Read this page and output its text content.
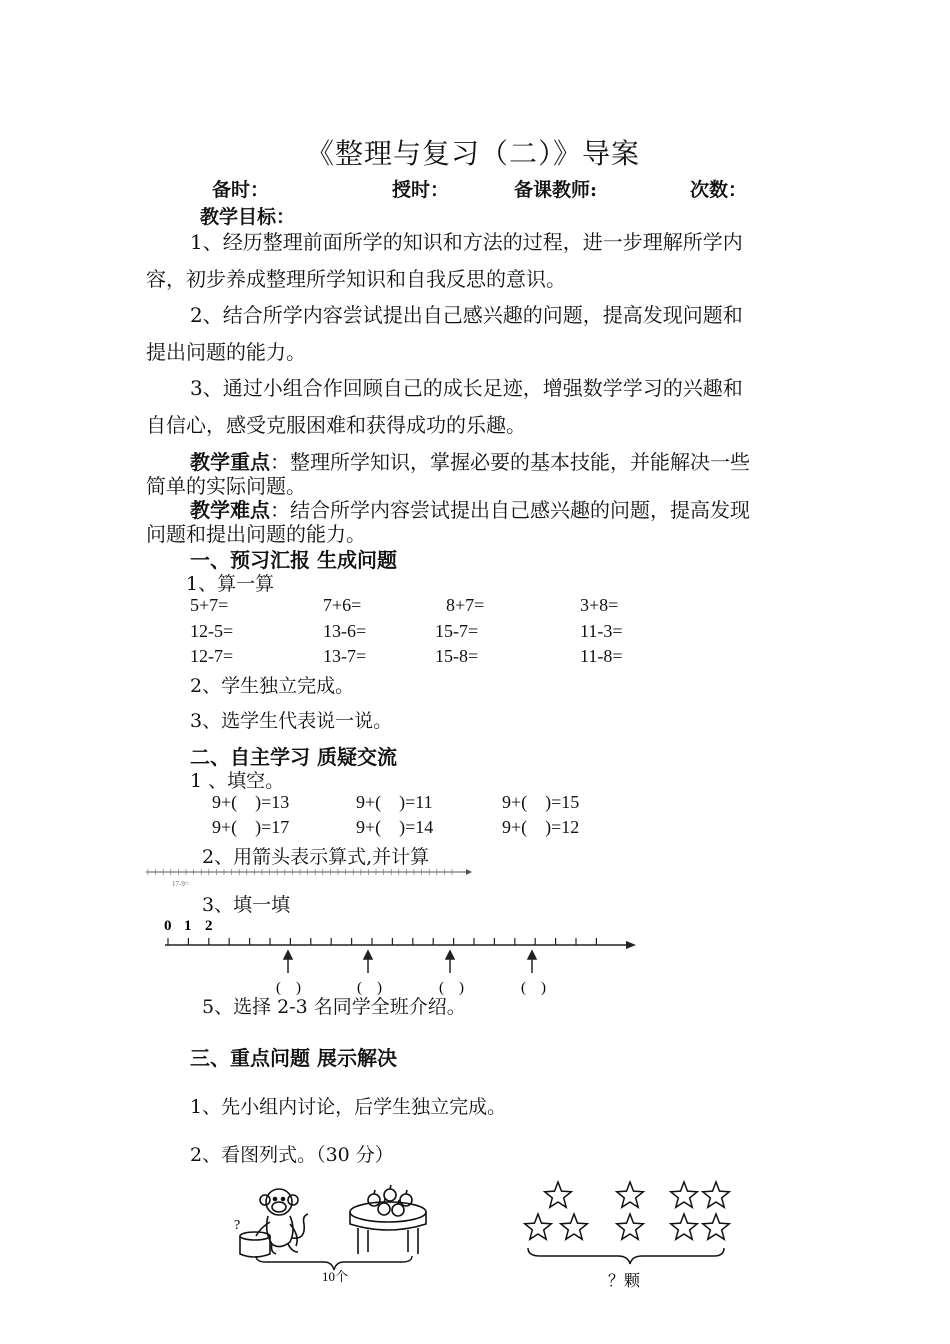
《整理与复习（二）》导案
备时：	授时：	备课教师:	次数：
教学目标：
1、经历整理前面所学的知识和方法的过程，进一步理解所学内
容，初步养成整理所学知识和自我反思的意识。
2、结合所学内容尝试提出自己感兴趣的问题，提高发现问题和
提出问题的能力。
3、通过小组合作回顾自己的成长足迹，增强数学学习的兴趣和
自信心，感受克服困难和获得成功的乐趣。
教学重点：整理所学知识，掌握必要的基本技能，并能解决一些
简单的实际问题。
教学难点：结合所学内容尝试提出自己感兴趣的问题，提高发现
问题和提出问题的能力。
一、预习汇报 生成问题
1、算一算
5+7=	7+6=	8+7=	3+8=
12-5=	13-6=	15-7=	11-3=
12-7=	13-7=	15-8=	11-8=
2、学生独立完成。
3、选学生代表说一说。
二、自主学习 质疑交流
1 、填空。
9+(    )=13	9+(    )=11	9+(    )=15
9+(    )=17	9+(    )=14	9+(    )=12
2、用箭头表示算式,并计算
17-9=
3、填一填
0 1 2
(    )	(    )	(    )	(    )
5、选择 2-3 名同学全班介绍。
三、重点问题 展示解决
1、先小组内讨论，后学生独立完成。
2、看图列式。（30 分）
?
10个	？颗
